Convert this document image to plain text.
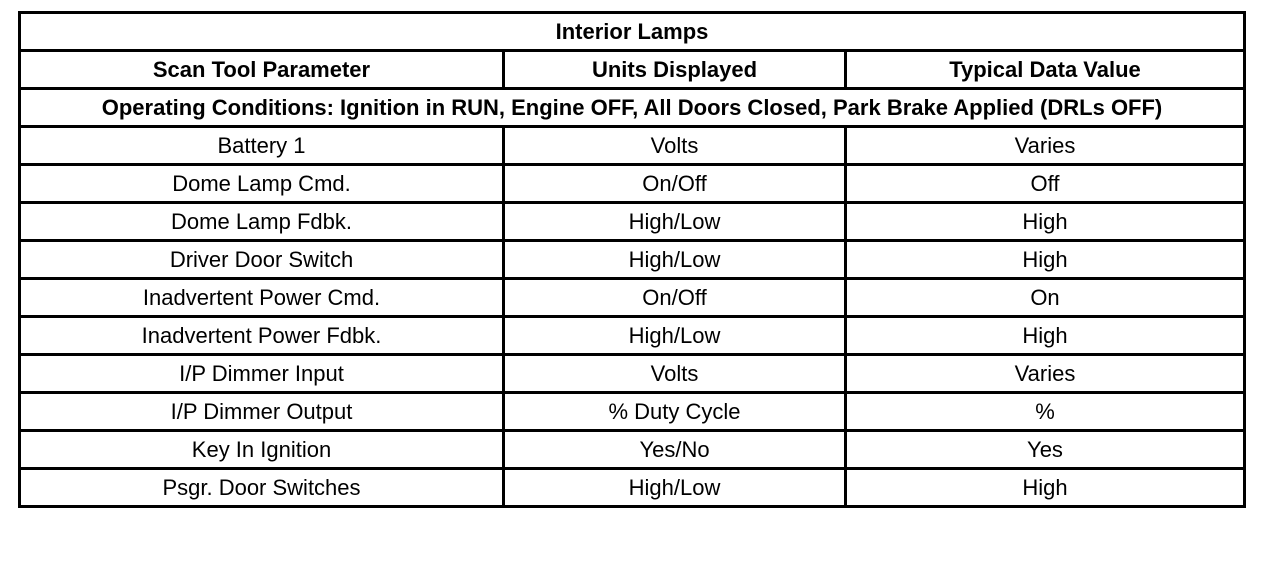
Interior Lamps		
Scan Tool Parameter	Units Displayed	Typical Data Value
Operating Conditions: Ignition in RUN, Engine OFF, All Doors Closed, Park Brake Applied (DRLs OFF)		
Battery 1	Volts	Varies
Dome Lamp Cmd.	On/Off	Off
Dome Lamp Fdbk.	High/Low	High
Driver Door Switch	High/Low	High
Inadvertent Power Cmd.	On/Off	On
Inadvertent Power Fdbk.	High/Low	High
I/P Dimmer Input	Volts	Varies
I/P Dimmer Output	% Duty Cycle	%
Key In Ignition	Yes/No	Yes
Psgr. Door Switches	High/Low	High
